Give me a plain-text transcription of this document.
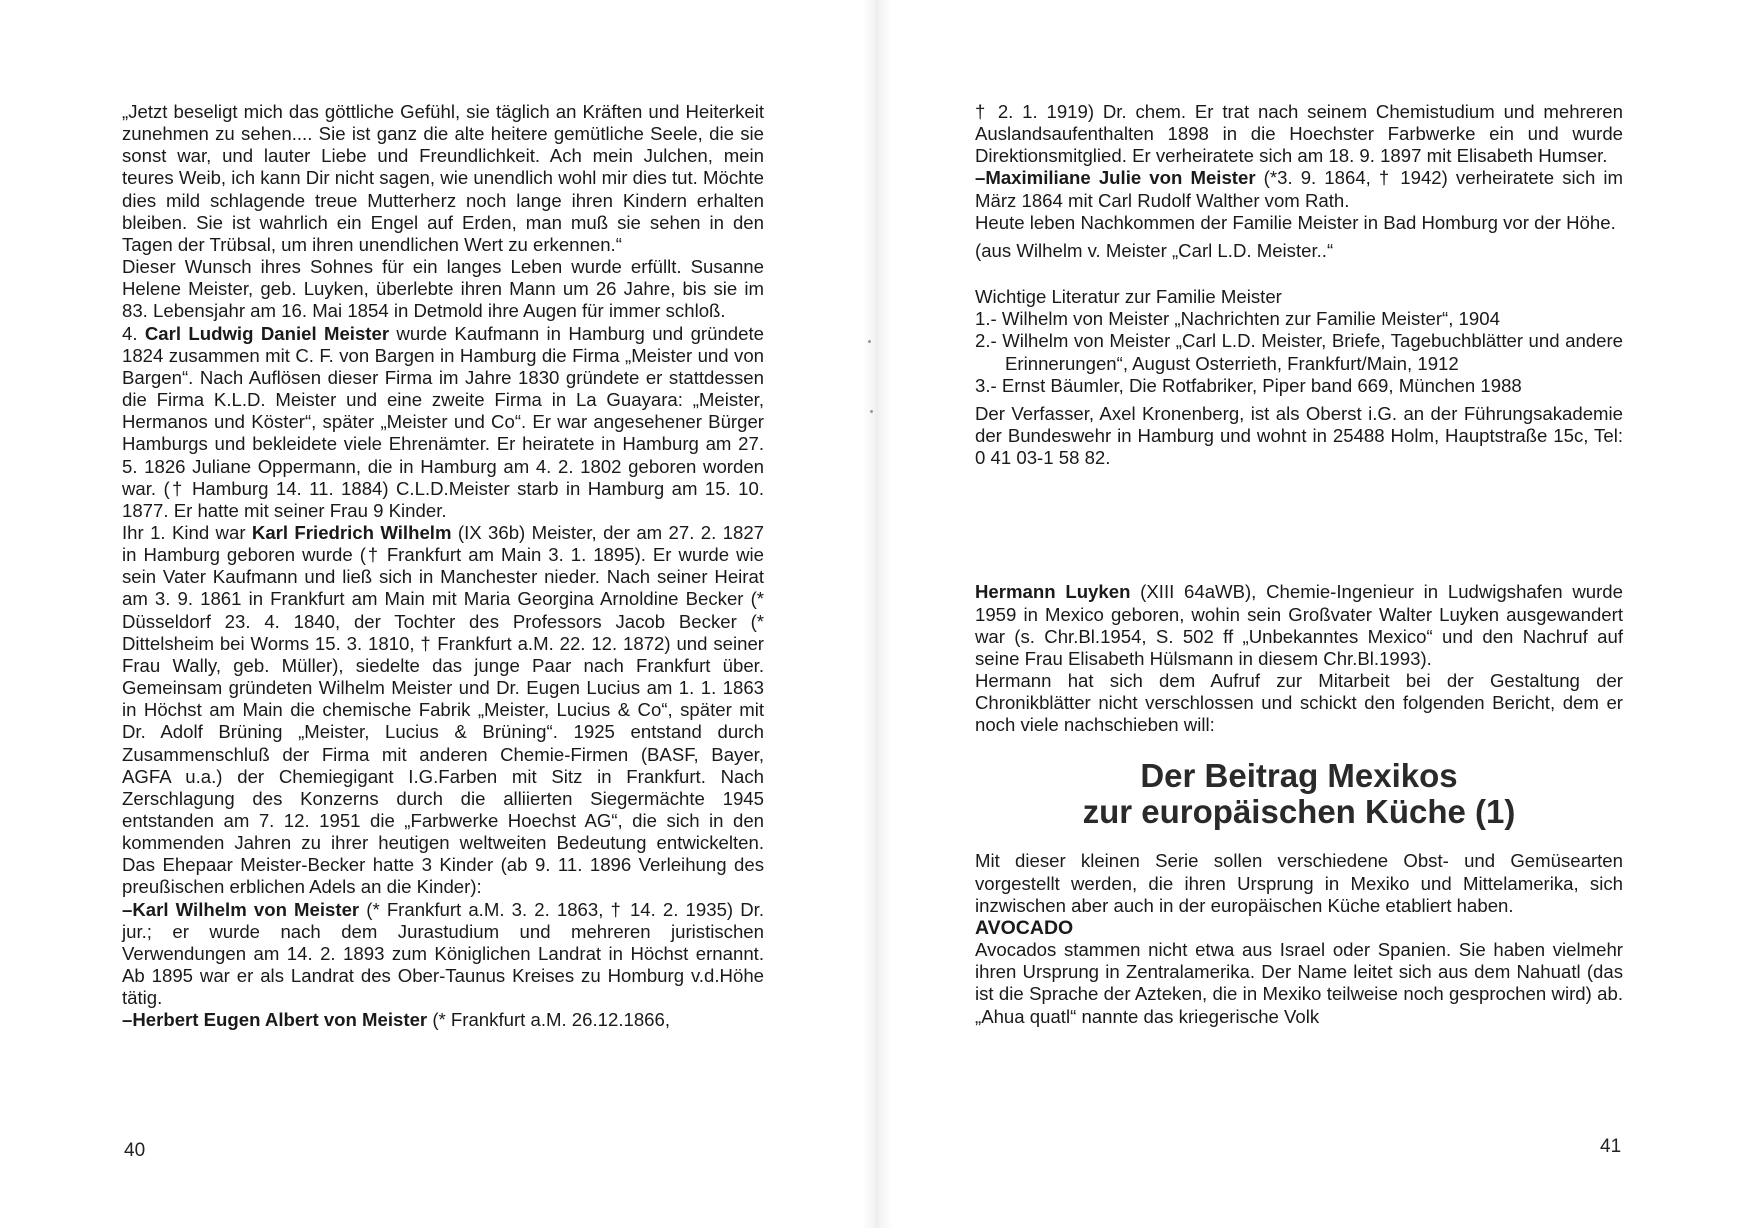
„Jetzt beseligt mich das göttliche Gefühl, sie täglich an Kräften und Heiterkeit zunehmen zu sehen.... Sie ist ganz die alte heitere gemütliche Seele, die sie sonst war, und lauter Liebe und Freundlichkeit. Ach mein Julchen, mein teures Weib, ich kann Dir nicht sagen, wie unendlich wohl mir dies tut. Möchte dies mild schlagende treue Mutterherz noch lange ihren Kindern erhalten bleiben. Sie ist wahrlich ein Engel auf Erden, man muß sie sehen in den Tagen der Trübsal, um ihren unendlichen Wert zu erkennen.“

Dieser Wunsch ihres Sohnes für ein langes Leben wurde erfüllt. Susanne Helene Meister, geb. Luyken, überlebte ihren Mann um 26 Jahre, bis sie im 83. Lebensjahr am 16. Mai 1854 in Detmold ihre Augen für immer schloß.

4. Carl Ludwig Daniel Meister wurde Kaufmann in Hamburg und gründete 1824 zusammen mit C. F. von Bargen in Hamburg die Firma „Meister und von Bargen“. Nach Auflösen dieser Firma im Jahre 1830 gründete er stattdessen die Firma K.L.D. Meister und eine zweite Firma in La Guayara: „Meister, Hermanos und Köster“, später „Meister und Co“. Er war angesehener Bürger Hamburgs und bekleidete viele Ehrenämter. Er heiratete in Hamburg am 27. 5. 1826 Juliane Oppermann, die in Hamburg am 4. 2. 1802 geboren worden war. († Hamburg 14. 11. 1884) C.L.D.Meister starb in Hamburg am 15. 10. 1877. Er hatte mit seiner Frau 9 Kinder.

Ihr 1. Kind war Karl Friedrich Wilhelm (IX 36b) Meister, der am 27. 2. 1827 in Hamburg geboren wurde († Frankfurt am Main 3. 1. 1895). Er wurde wie sein Vater Kaufmann und ließ sich in Manchester nieder. Nach seiner Heirat am 3. 9. 1861 in Frankfurt am Main mit Maria Georgina Arnoldine Becker (* Düsseldorf 23. 4. 1840, der Tochter des Professors Jacob Becker (* Dittelsheim bei Worms 15. 3. 1810, † Frankfurt a.M. 22. 12. 1872) und seiner Frau Wally, geb. Müller), siedelte das junge Paar nach Frankfurt über. Gemeinsam gründeten Wilhelm Meister und Dr. Eugen Lucius am 1. 1. 1863 in Höchst am Main die chemische Fabrik „Meister, Lucius & Co“, später mit Dr. Adolf Brüning „Meister, Lucius & Brüning“. 1925 entstand durch Zusammenschluß der Firma mit anderen Chemie-Firmen (BASF, Bayer, AGFA u.a.) der Chemiegigant I.G.Farben mit Sitz in Frankfurt. Nach Zerschlagung des Konzerns durch die alliierten Siegermächte 1945 entstanden am 7. 12. 1951 die „Farbwerke Hoechst AG“, die sich in den kommenden Jahren zu ihrer heutigen weltweiten Bedeutung entwickelten. Das Ehepaar Meister-Becker hatte 3 Kinder (ab 9. 11. 1896 Verleihung des preußischen erblichen Adels an die Kinder):

–Karl Wilhelm von Meister (* Frankfurt a.M. 3. 2. 1863, † 14. 2. 1935) Dr. jur.; er wurde nach dem Jurastudium und mehreren juristischen Verwendungen am 14. 2. 1893 zum Königlichen Landrat in Höchst ernannt. Ab 1895 war er als Landrat des Ober-Taunus Kreises zu Homburg v.d.Höhe tätig.

–Herbert Eugen Albert von Meister (* Frankfurt a.M. 26.12.1866,

40

† 2. 1. 1919) Dr. chem. Er trat nach seinem Chemistudium und mehreren Auslandsaufenthalten 1898 in die Hoechster Farbwerke ein und wurde Direktionsmitglied. Er verheiratete sich am 18. 9. 1897 mit Elisabeth Humser.

–Maximiliane Julie von Meister (*3. 9. 1864, † 1942) verheiratete sich im März 1864 mit Carl Rudolf Walther vom Rath.

Heute leben Nachkommen der Familie Meister in Bad Homburg vor der Höhe.

(aus Wilhelm v. Meister „Carl L.D. Meister..“

Wichtige Literatur zur Familie Meister

1.- Wilhelm von Meister „Nachrichten zur Familie Meister“, 1904

2.- Wilhelm von Meister „Carl L.D. Meister, Briefe, Tagebuchblätter und andere Erinnerungen“, August Osterrieth, Frankfurt/Main, 1912

3.- Ernst Bäumler, Die Rotfabriker, Piper band 669, München 1988

Der Verfasser, Axel Kronenberg, ist als Oberst i.G. an der Führungsakademie der Bundeswehr in Hamburg und wohnt in 25488 Holm, Hauptstraße 15c, Tel: 0 41 03-1 58 82.

Hermann Luyken (XIII 64aWB), Chemie-Ingenieur in Ludwigshafen wurde 1959 in Mexico geboren, wohin sein Großvater Walter Luyken ausgewandert war (s. Chr.Bl.1954, S. 502 ff „Unbekanntes Mexico“ und den Nachruf auf seine Frau Elisabeth Hülsmann in diesem Chr.Bl.1993).

Hermann hat sich dem Aufruf zur Mitarbeit bei der Gestaltung der Chronikblätter nicht verschlossen und schickt den folgenden Bericht, dem er noch viele nachschieben will:

Der Beitrag Mexikos
zur europäischen Küche (1)

Mit dieser kleinen Serie sollen verschiedene Obst- und Gemüsearten vorgestellt werden, die ihren Ursprung in Mexiko und Mittelamerika, sich inzwischen aber auch in der europäischen Küche etabliert haben.

AVOCADO

Avocados stammen nicht etwa aus Israel oder Spanien. Sie haben vielmehr ihren Ursprung in Zentralamerika. Der Name leitet sich aus dem Nahuatl (das ist die Sprache der Azteken, die in Mexiko teilweise noch gesprochen wird) ab. „Ahua quatl“ nannte das kriegerische Volk

41
